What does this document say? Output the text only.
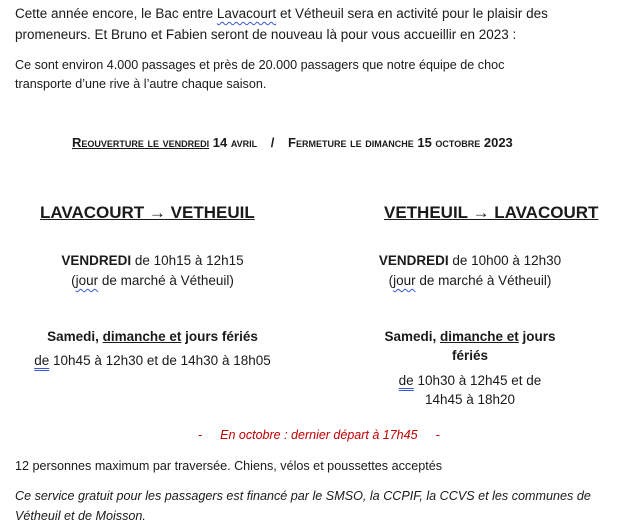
Cette année encore, le Bac entre Lavacourt et Vétheuil sera en activité pour le plaisir des
promeneurs. Et Bruno et Fabien seront de nouveau là pour vous accueillir en 2023 :
Ce sont environ 4.000 passages et près de 20.000 passagers que notre équipe de choc
transporte d’une rive à l’autre chaque saison.
Reouverture le vendredi 14 avril / Fermeture le dimanche 15 octobre 2023
LAVACOURT → VETHEUIL
VENDREDI de 10h15 à 12h15
(jour de marché à Vétheuil)
Samedi, dimanche et jours fériés
de 10h45 à 12h30 et de 14h30 à 18h05
VETHEUIL → LAVACOURT
VENDREDI de 10h00 à 12h30
(jour de marché à Vétheuil)
Samedi, dimanche et jours
fériés
de 10h30 à 12h45 et de
14h45 à 18h20
- En octobre : dernier départ à 17h45 -
12 personnes maximum par traversée. Chiens, vélos et poussettes acceptés
Ce service gratuit pour les passagers est financé par le SMSO, la CCPIF, la CCVS et les communes de
Vétheuil et de Moisson.
